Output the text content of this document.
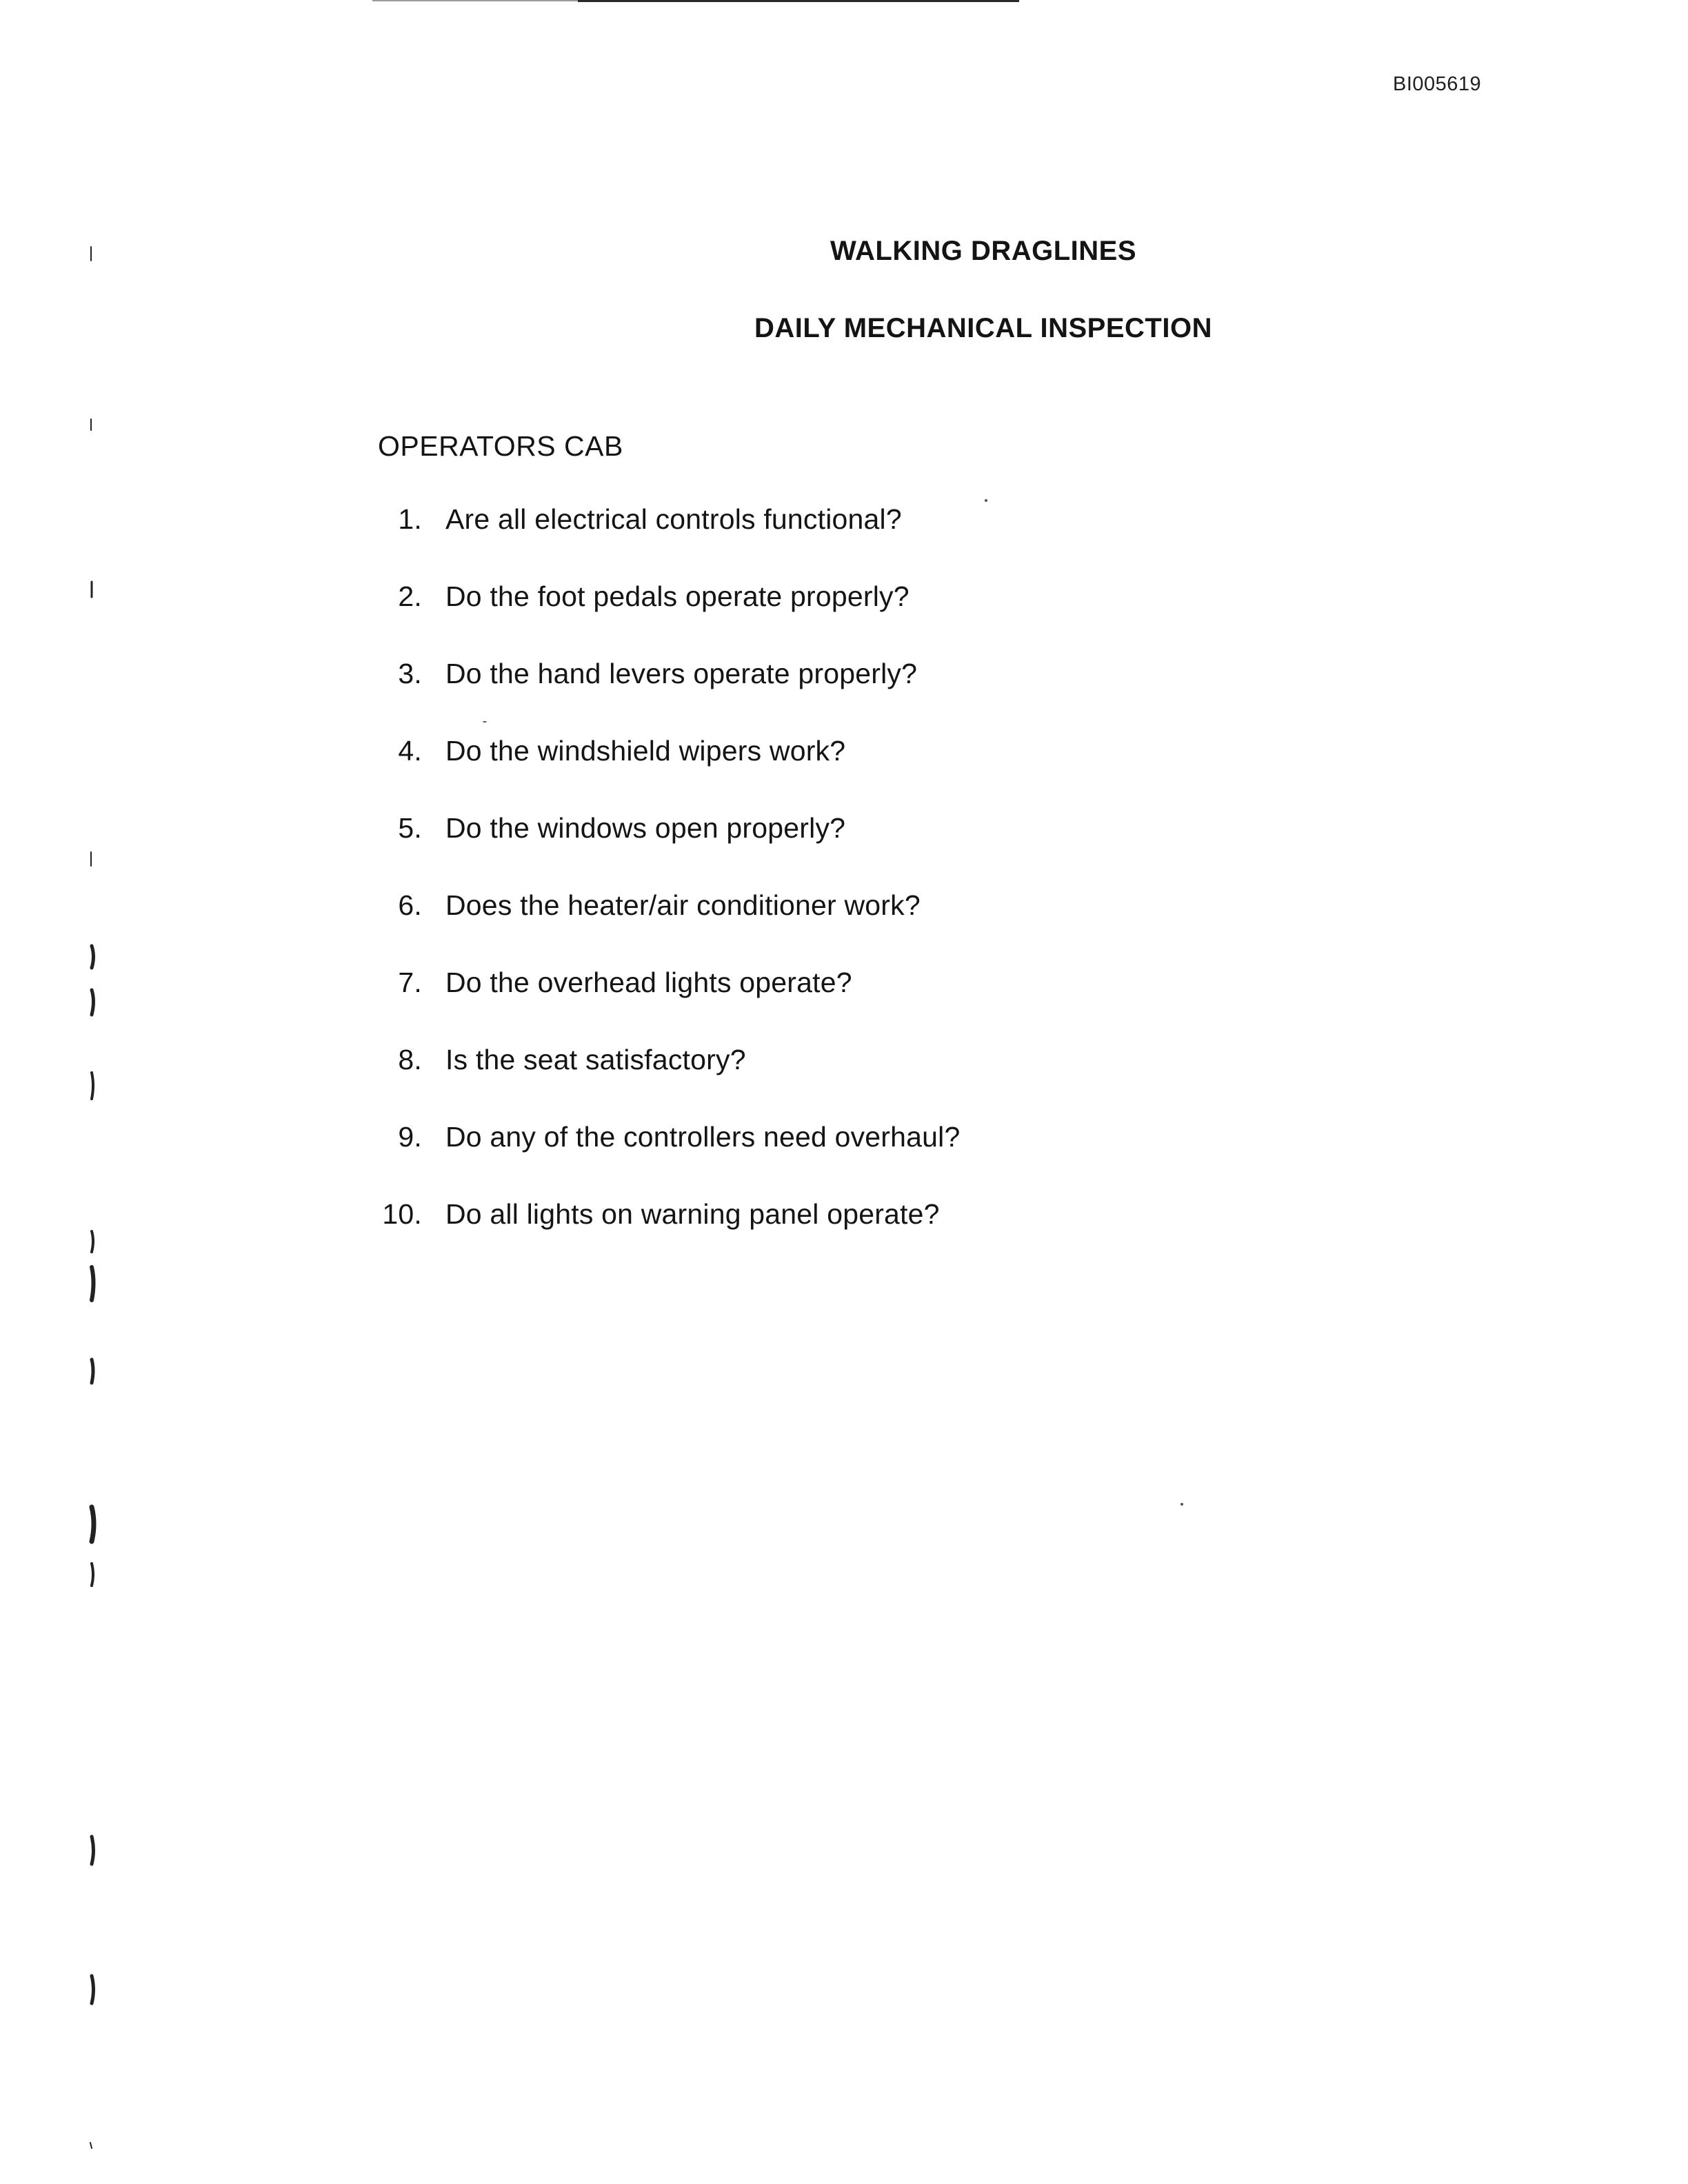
BI005619
WALKING DRAGLINES
DAILY MECHANICAL INSPECTION
OPERATORS CAB
1. Are all electrical controls functional?
2. Do the foot pedals operate properly?
3. Do the hand levers operate properly?
4. Do the windshield wipers work?
5. Do the windows open properly?
6. Does the heater/air conditioner work?
7. Do the overhead lights operate?
8. Is the seat satisfactory?
9. Do any of the controllers need overhaul?
10. Do all lights on warning panel operate?
